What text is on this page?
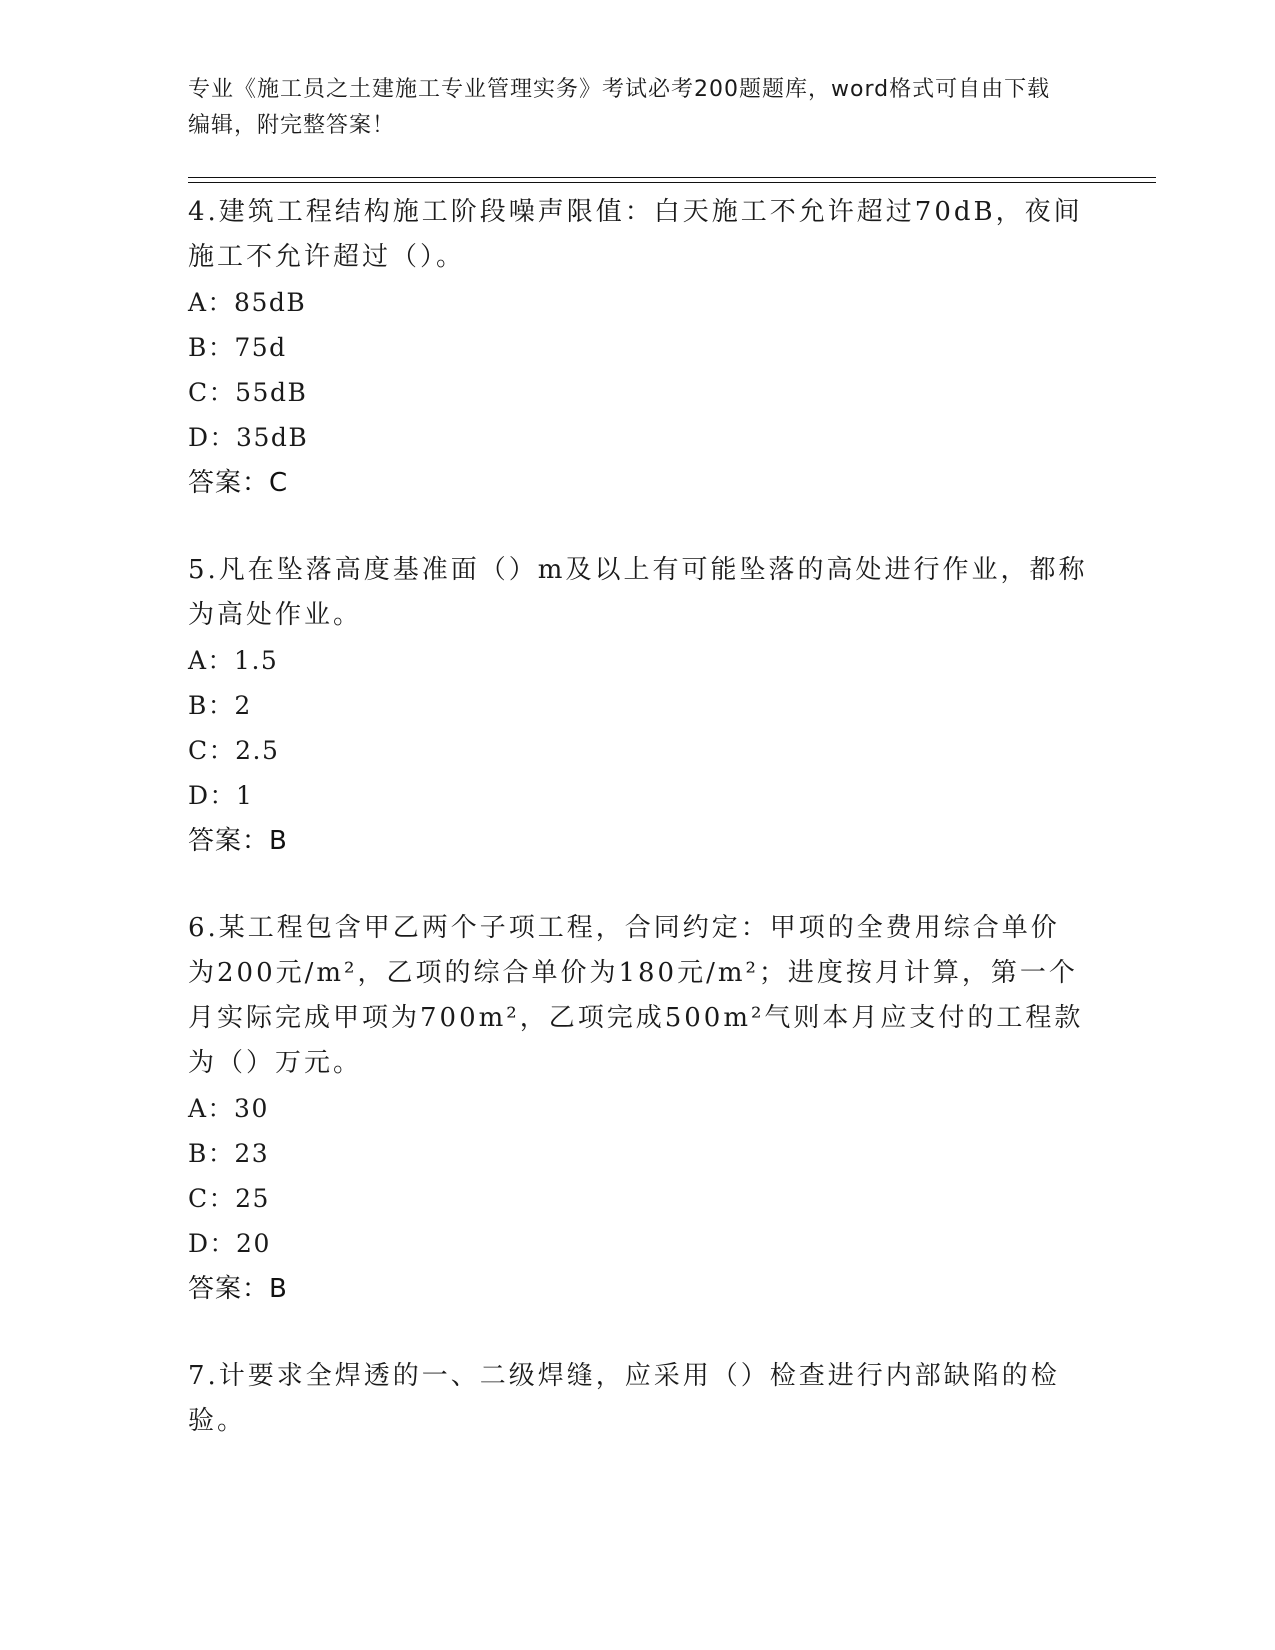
专业《施工员之土建施工专业管理实务》考试必考200题题库，word格式可自由下载编辑，附完整答案！

4.建筑工程结构施工阶段噪声限值：白天施工不允许超过70dB，夜间施工不允许超过（）。

A：85dB

B：75d

C：55dB

D：35dB

答案：C

5.凡在坠落高度基准面（）m及以上有可能坠落的高处进行作业，都称为高处作业。

A：1.5

B：2

C：2.5

D：1

答案：B

6.某工程包含甲乙两个子项工程，合同约定：甲项的全费用综合单价为200元/m²，乙项的综合单价为180元/m²；进度按月计算，第一个月实际完成甲项为700m²，乙项完成500m²气则本月应支付的工程款为（）万元。

A：30

B：23

C：25

D：20

答案：B

7.计要求全焊透的一、二级焊缝，应采用（）检查进行内部缺陷的检验。
